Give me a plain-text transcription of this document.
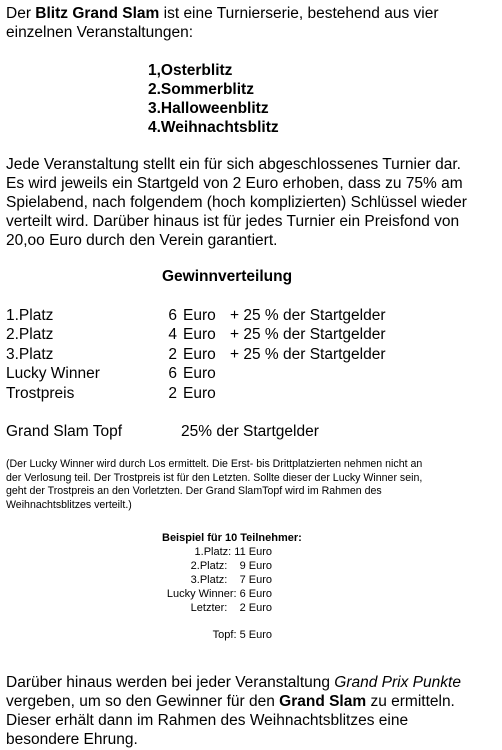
Der Blitz Grand Slam ist eine Turnierserie, bestehend aus vier
einzelnen Veranstaltungen:
1,Osterblitz
2.Sommerblitz
3.Halloweenblitz
4.Weihnachtsblitz
Jede Veranstaltung stellt ein für sich abgeschlossenes Turnier dar.
Es wird jeweils ein Startgeld von 2 Euro erhoben, dass zu 75% am
Spielabend, nach folgendem (hoch komplizierten) Schlüssel wieder
verteilt wird. Darüber hinaus ist für jedes Turnier ein Preisfond von
20,oo Euro durch den Verein garantiert.
Gewinnverteilung
1.Platz	6 Euro + 25 % der Startgelder
2.Platz	4 Euro + 25 % der Startgelder
3.Platz	2 Euro + 25 % der Startgelder
Lucky Winner	6 Euro
Trostpreis	2 Euro
Grand Slam Topf	25% der Startgelder
(Der Lucky Winner wird durch Los ermittelt. Die Erst- bis Drittplatzierten nehmen nicht an
der Verlosung teil. Der Trostpreis ist für den Letzten. Sollte dieser der Lucky Winner sein,
geht der Trostpreis an den Vorletzten. Der Grand SlamTopf wird im Rahmen des
Weihnachtsblitzes verteilt.)
Beispiel für 10 Teilnehmer:
1.Platz: 11 Euro
2.Platz:    9 Euro
3.Platz:    7 Euro
Lucky Winner: 6 Euro
Letzter:    2 Euro
Topf: 5 Euro
Darüber hinaus werden bei jeder Veranstaltung Grand Prix Punkte
vergeben, um so den Gewinner für den Grand Slam zu ermitteln.
Dieser erhält dann im Rahmen des Weihnachtsblitzes eine
besondere Ehrung.
